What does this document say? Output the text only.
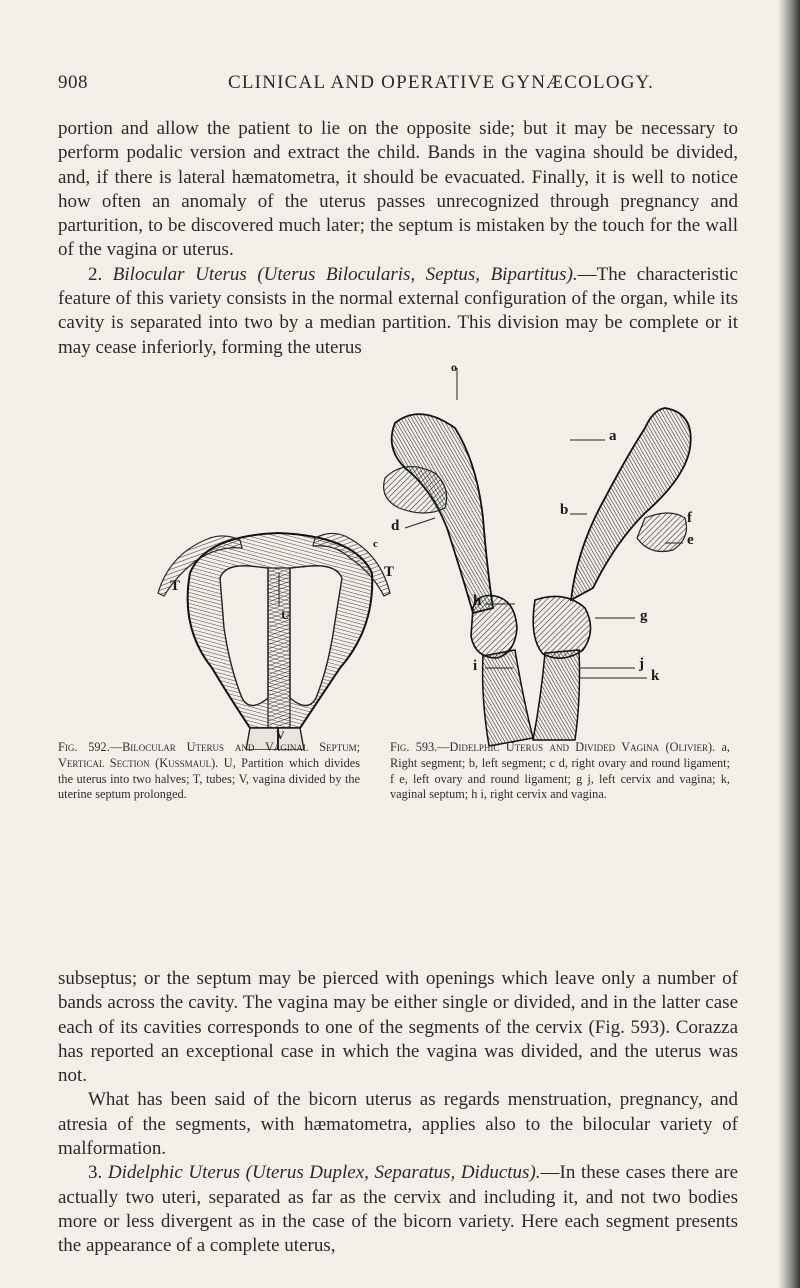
908	CLINICAL AND OPERATIVE GYNÆCOLOGY.
portion and allow the patient to lie on the opposite side; but it may be necessary to perform podalic version and extract the child. Bands in the vagina should be divided, and, if there is lateral hæmatometra, it should be evacuated. Finally, it is well to notice how often an anomaly of the uterus passes unrecognized through pregnancy and parturition, to be discovered much later; the septum is mistaken by the touch for the wall of the vagina or uterus.
2. Bilocular Uterus (Uterus Bilocularis, Septus, Bipartitus).—The characteristic feature of this variety consists in the normal external configuration of the organ, while its cavity is separated into two by a median partition. This division may be complete or it may cease inferiorly, forming the uterus
T
T
U
V
o
a
d
b	f
e
c
h
g
i	j
k

Fig. 592.—Bilocular Uterus and Vaginal Septum; Vertical Section (Kussmaul). U, Partition which divides the uterus into two halves; T, tubes; V, vagina divided by the uterine septum prolonged.

Fig. 593.—Didelphic Uterus and Divided Vagina (Olivier). a, Right segment; b, left segment; c d, right ovary and round ligament; f e, left ovary and round ligament; g j, left cervix and vagina; k, vaginal septum; h i, right cervix and vagina.

subseptus; or the septum may be pierced with openings which leave only a number of bands across the cavity. The vagina may be either single or divided, and in the latter case each of its cavities corresponds to one of the segments of the cervix (Fig. 593). Corazza has reported an exceptional case in which the vagina was divided, and the uterus was not.
What has been said of the bicorn uterus as regards menstruation, pregnancy, and atresia of the segments, with hæmatometra, applies also to the bilocular variety of malformation.
3. Didelphic Uterus (Uterus Duplex, Separatus, Diductus).—In these cases there are actually two uteri, separated as far as the cervix and including it, and not two bodies more or less divergent as in the case of the bicorn variety. Here each segment presents the appearance of a complete uterus,
